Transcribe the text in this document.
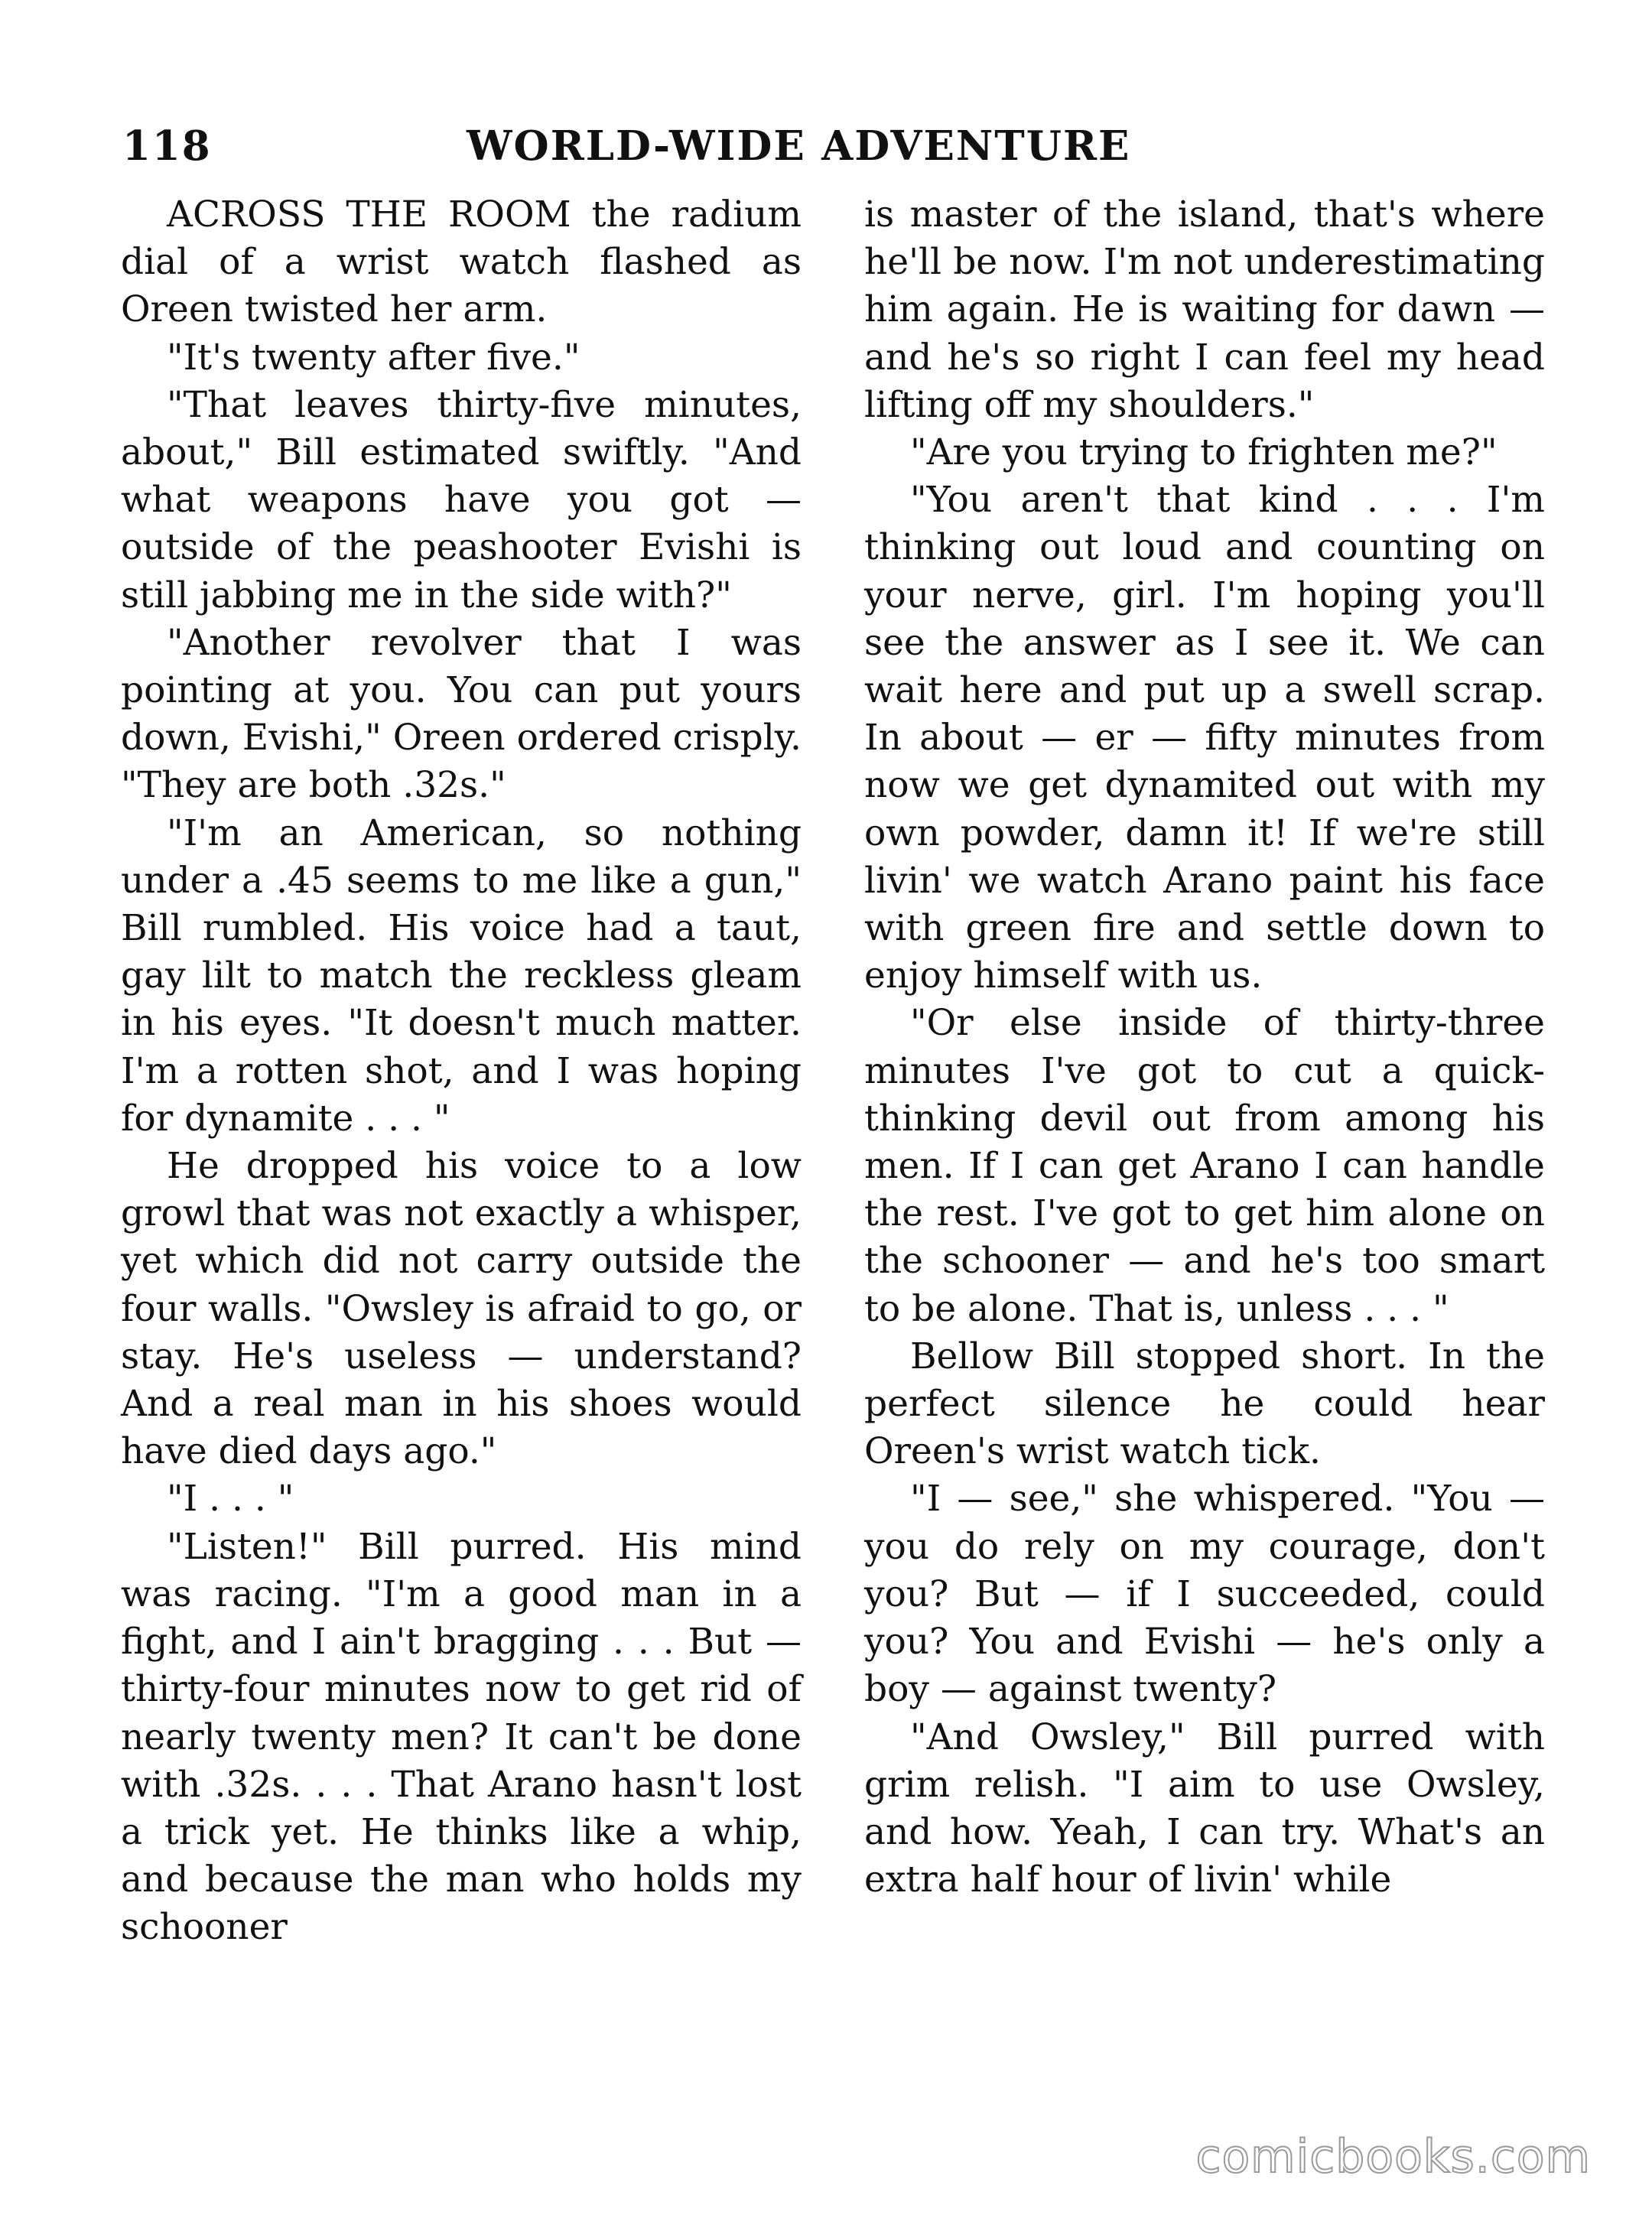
118	WORLD-WIDE ADVENTURE

ACROSS THE ROOM the radium dial of a wrist watch flashed as Oreen twisted her arm.

"It's twenty after five."

"That leaves thirty-five minutes, about," Bill estimated swiftly. "And what weapons have you got — outside of the peashooter Evishi is still jabbing me in the side with?"

"Another revolver that I was pointing at you. You can put yours down, Evishi," Oreen ordered crisply. "They are both .32s."

"I'm an American, so nothing under a .45 seems to me like a gun," Bill rumbled. His voice had a taut, gay lilt to match the reckless gleam in his eyes. "It doesn't much matter. I'm a rotten shot, and I was hoping for dynamite . . . "

He dropped his voice to a low growl that was not exactly a whisper, yet which did not carry outside the four walls. "Owsley is afraid to go, or stay. He's useless — understand? And a real man in his shoes would have died days ago."

"I . . . "

"Listen!" Bill purred. His mind was racing. "I'm a good man in a fight, and I ain't bragging . . . But — thirty-four minutes now to get rid of nearly twenty men? It can't be done with .32s. . . . That Arano hasn't lost a trick yet. He thinks like a whip, and because the man who holds my schooner

is master of the island, that's where he'll be now. I'm not underestimating him again. He is waiting for dawn — and he's so right I can feel my head lifting off my shoulders."

"Are you trying to frighten me?"

"You aren't that kind . . . I'm thinking out loud and counting on your nerve, girl. I'm hoping you'll see the answer as I see it. We can wait here and put up a swell scrap. In about — er — fifty minutes from now we get dynamited out with my own powder, damn it! If we're still livin' we watch Arano paint his face with green fire and settle down to enjoy himself with us.

"Or else inside of thirty-three minutes I've got to cut a quick-thinking devil out from among his men. If I can get Arano I can handle the rest. I've got to get him alone on the schooner — and he's too smart to be alone. That is, unless . . . "

Bellow Bill stopped short. In the perfect silence he could hear Oreen's wrist watch tick.

"I — see," she whispered. "You — you do rely on my courage, don't you? But — if I succeeded, could you? You and Evishi — he's only a boy — against twenty?

"And Owsley," Bill purred with grim relish. "I aim to use Owsley, and how. Yeah, I can try. What's an extra half hour of livin' while

comicbooks.com
